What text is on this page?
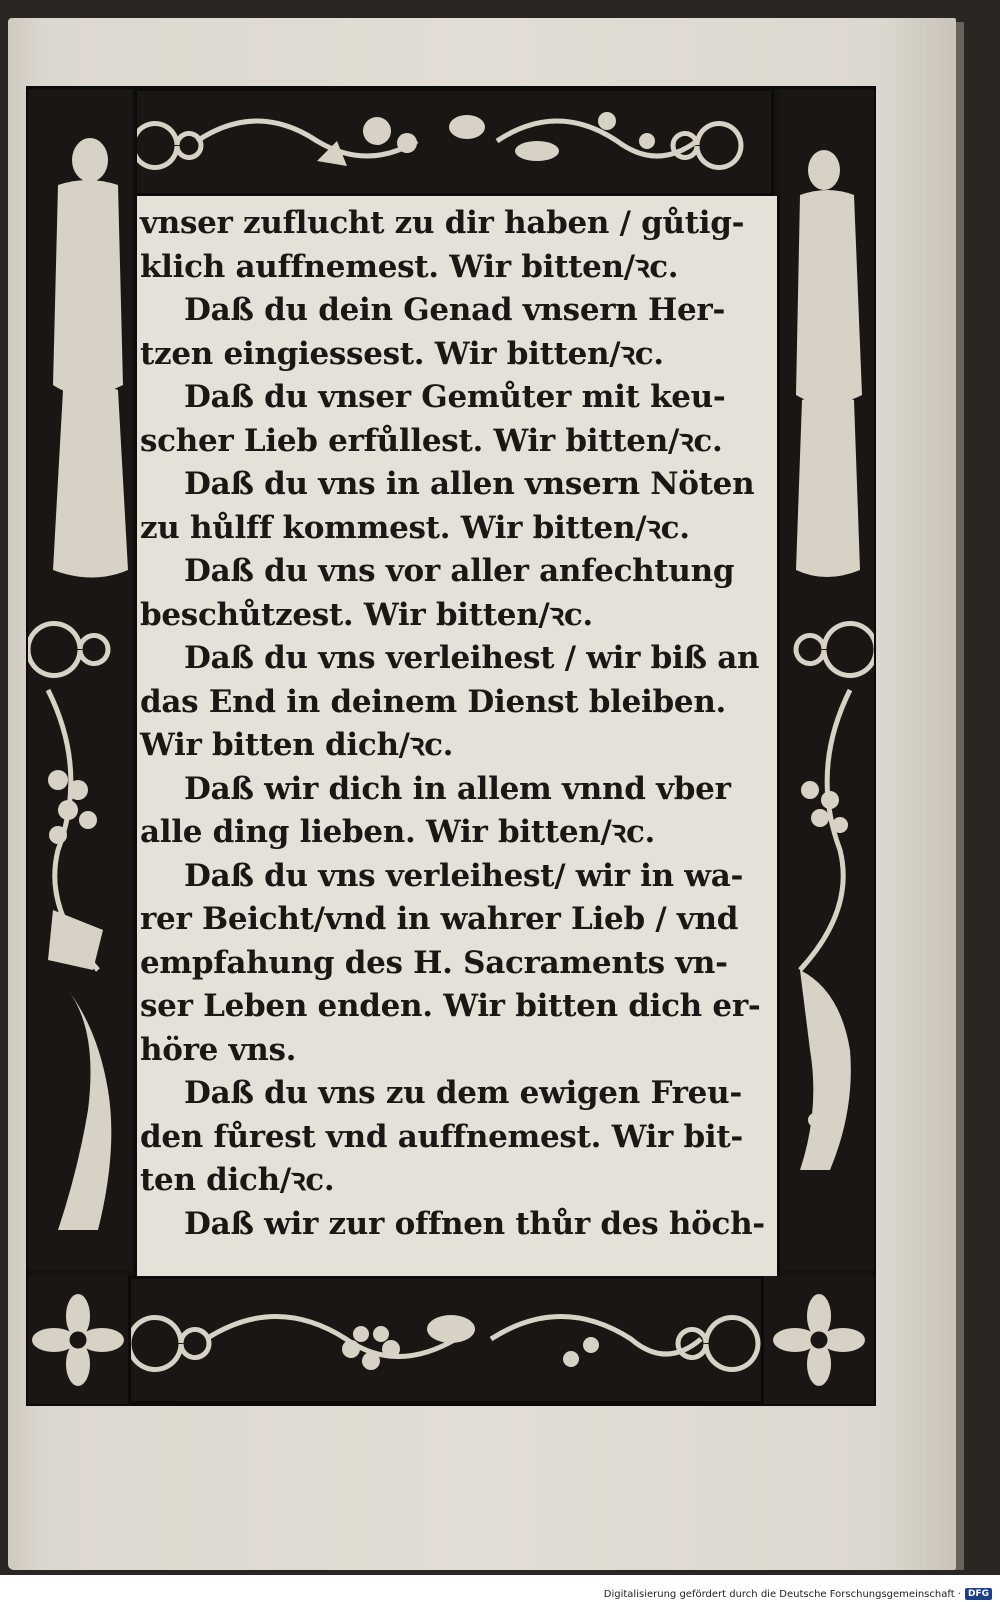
vnser zuflucht zu dir haben / gůtig-
klich auffnemest. Wir bitten/ꝛc.
Daß du dein Genad vnsern Her-
tzen eingiessest. Wir bitten/ꝛc.
Daß du vnser Gemůter mit keu-
scher Lieb erfůllest. Wir bitten/ꝛc.
Daß du vns in allen vnsern Nöten
zu hůlff kommest. Wir bitten/ꝛc.
Daß du vns vor aller anfechtung
beschůtzest. Wir bitten/ꝛc.
Daß du vns verleihest / wir biß an
das End in deinem Dienst bleiben.
Wir bitten dich/ꝛc.
Daß wir dich in allem vnnd vber
alle ding lieben. Wir bitten/ꝛc.
Daß du vns verleihest/ wir in wa-
rer Beicht/vnd in wahrer Lieb / vnd
empfahung des H. Sacraments vn-
ser Leben enden. Wir bitten dich er-
höre vns.
Daß du vns zu dem ewigen Freu-
den fůrest vnd auffnemest. Wir bit-
ten dich/ꝛc.
Daß wir zur offnen thůr des höch-
Digitalisierung gefördert durch die Deutsche Forschungsgemeinschaft · DFG
